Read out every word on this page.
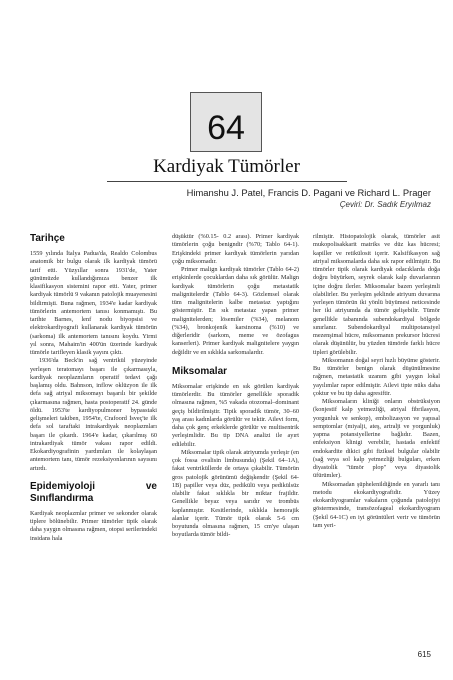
64
Kardiyak Tümörler
Himanshu J. Patel, Francis D. Pagani ve Richard L. Prager
Çeviri: Dr. Sadık Eryılmaz
Tarihçe

1559 yılında İtalya Padua'da, Realdo Colombus anatomik bir bulgu olarak ilk kardiyak tümörü tarif etti. Yüzyıllar sonra 1931'de, Yater günümüzde kullandığımıza benzer ilk klasifikasyon sistemini rapor etti. Yater, primer kardiyak tümörlü 9 vakanın patolojik muayenesini bildirmişti. Buna rağmen, 1934'e kadar kardiyak tümörlerin antemortem tanısı konmamıştı. Bu tarihte Barnes, lenf nodu biyopsisi ve elektrokardiyografi kullanarak kardiyak tümörün (sarkoma) ilk antemortem tanısını koydu. Yirmi yıl sonra, Mahaim'in 400'ün üzerinde kardiyak tümörle tarifleyen klasik yayını çıktı.

1936'da Beck'in sağ ventrikül yüzeyinde yerleşen teratomayı başarı ile çıkarmasıyla, kardiyak neoplazmların operatif tedavi çağı başlamış oldu. Bahnson, inflow oklüzyon ile ilk defa sağ atriyal miksomayı başarılı bir şekilde çıkarmasına rağmen, hasta postoperatif 24. günde öldü. 1953'te kardiyopulmoner bypasstaki gelişmeleri takiben, 1954'te, Crafoord İsveç'te ilk defa sol taraftaki intrakardiyak neoplazmları başarı ile çıkardı. 1964'e kadar, çıkarılmış 60 intrakardiyak tümör vakası rapor edildi. Ekokardiyografinin yardımları ile kolaylaşan antemortem tanı, tümör rezeksiyonlarının sayısını artırdı.

Epidemiyoloji ve Sınıflandırma

Kardiyak neoplazmlar primer ve sekonder olarak tiplere bölünebilir. Primer tümörler tipik olarak daha yaygın olmasına rağmen, otopsi serilerindeki insidans hala

düşüktür (%0.15- 0.2 arası). Primer kardiyak tümörlerin çoğu benigndir (%70; Tablo 64-1). Erişkindeki primer kardiyak tümörlerin yarıdan çoğu miksomadır.

Primer malign kardiyak tümörler (Tablo 64-2) erişkinlerde çocuklardan daha sık görülür. Malign kardiyak tümörlerin çoğu metastatik malignitelerdir (Tablo 64-3). Gözlemsel olarak tüm malignitelerin kalbe metastaz yaptığını göstermiştir. En sık metastaz yapan primer malignitelerden; lösemiler (%34), melanom (%34), bronkojenik karsinoma (%10) ve diğerleridir (sarkom, meme ve özofagus kanserleri). Primer kardiyak malignitelere yaygın değildir ve en sıklıkla sarkomalardır.

Miksomalar

Miksomalar erişkinde en sık görülen kardiyak tümörlerdir. Bu tümörler genellikle sporadik olmasına rağmen, %5 vakada otozomal–dominant geçiş bildirilmiştir. Tipik sporadik tümör, 30–60 yaş arası kadınlarda görülür ve tektir. Ailevi form, daha çok genç erkeklerde görülür ve multisentrik yerleşimlidir. Bu tip DNA analizi ile ayırt edilebilir.

Miksomalar tipik olarak atriyumda yerleşir (en çok fossa ovalisin limbusunda) (Şekil 64–1A), fakat ventriküllerde de ortaya çıkabilir. Tümörün gros patolojik görünümü değişkendir (Şekil 64-1B) papiller veya düz, pedikülü veya pedikülsüz olabilir fakat sıklıkla bir miktar frajildir. Genellikle beyaz veya sarıdır ve trombüs kaplanmıştır. Kesitlerinde, sıklıkla hemorajik alanlar içerir. Tümör tipik olarak 5-6 cm boyutunda olmasına rağmen, 15 cm'ye ulaşan boyutlarda tümör bildi-

rilmiştir. Histopatolojik olarak, tümörler asit mukopolisakkarit matriks ve düz kas hücresi; kapiller ve retikülosit içerir. Kalsifikasyon sağ atriyal miksomalarda daha sık rapor edilmiştir. Bu tümörler tipik olarak kardiyak odacıklarda doğa doğru büyürken, seyrek olarak kalp duvarlarının içine doğru ilerler. Miksomalar bazen yerleşimli olabilirler. Bu yerleşim şeklinde atriyum duvarına yerleşen tümörün iki yönlü büyümesi neticesinde her iki atriyumda da tümör gelişebilir. Tümör genellikle tabanında subendokardiyal bölgede sınırlanır. Subendokardiyal multipotansiyel mezenşimal hücre, miksomanın prekursor hücresi olarak düşünülür, bu yüzden tümörde farklı hücre tipleri görülebilir.

Miksomanın doğal seyri hızlı büyüme gösterir. Bu tümörler benign olarak düşünülmesine rağmen, metastatik uzanım gibi yaygın lokal yayılımlar rapor edilmiştir. Ailevi tipte nüks daha çoktur ve bu tip daha agresiftir.

Miksomaların kliniği onların obstrüksiyon (konjestif kalp yetmezliği, atriyal fibrilasyon, yorgunluk ve senkop), embolizasyon ve yapısal semptomlar (miyalji, ateş, artralji ve yorgunluk) yapma potansiyellerine bağlıdır. Bazen, enfeksiyon klinigi verebilir, hastada enfektif endokardite dikici gibi fiziksel bulgular olabilir (sağ veya sol kalp yetmezliği bulguları, erken diyastolik "tümör plop" veya diyastolik üfürümler).

Miksomadan şüphelenildiğinde en yararlı tanı metodu ekokardiyografidir. Yüzey ekokardiyogramlar vakaların çoğunda patolojiyi göstermesinde, transözofageal ekokardiyogram (Şekil 64-1C) en iyi görüntüleri verir ve tümörün tam yeri-

615
